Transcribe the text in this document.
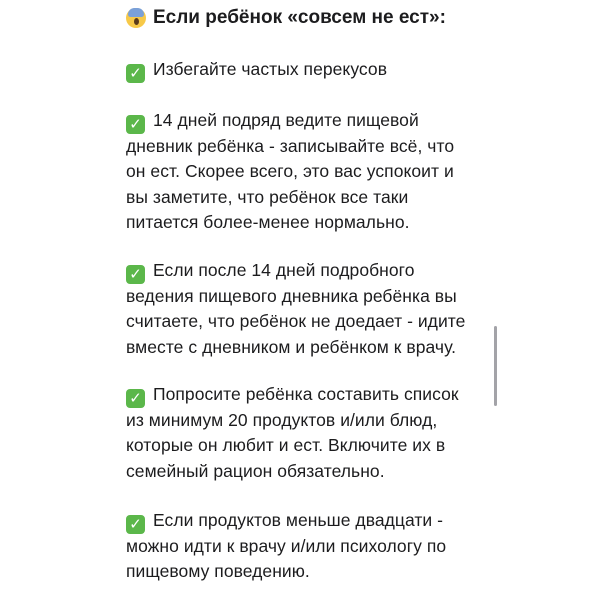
Если ребёнок «совсем не ест»:
✓ Избегайте частых перекусов
✓ 14 дней подряд ведите пищевой
дневник ребёнка - записывайте всё, что
он ест. Скорее всего, это вас успокоит и
вы заметите, что ребёнок все таки
питается более-менее нормально.
✓ Если после 14 дней подробного
ведения пищевого дневника ребёнка вы
считаете, что ребёнок не доедает - идите
вместе с дневником и ребёнком к врачу.
✓ Попросите ребёнка составить список
из минимум 20 продуктов и/или блюд,
которые он любит и ест. Включите их в
семейный рацион обязательно.
✓ Если продуктов меньше двадцати -
можно идти к врачу и/или психологу по
пищевому поведению.
